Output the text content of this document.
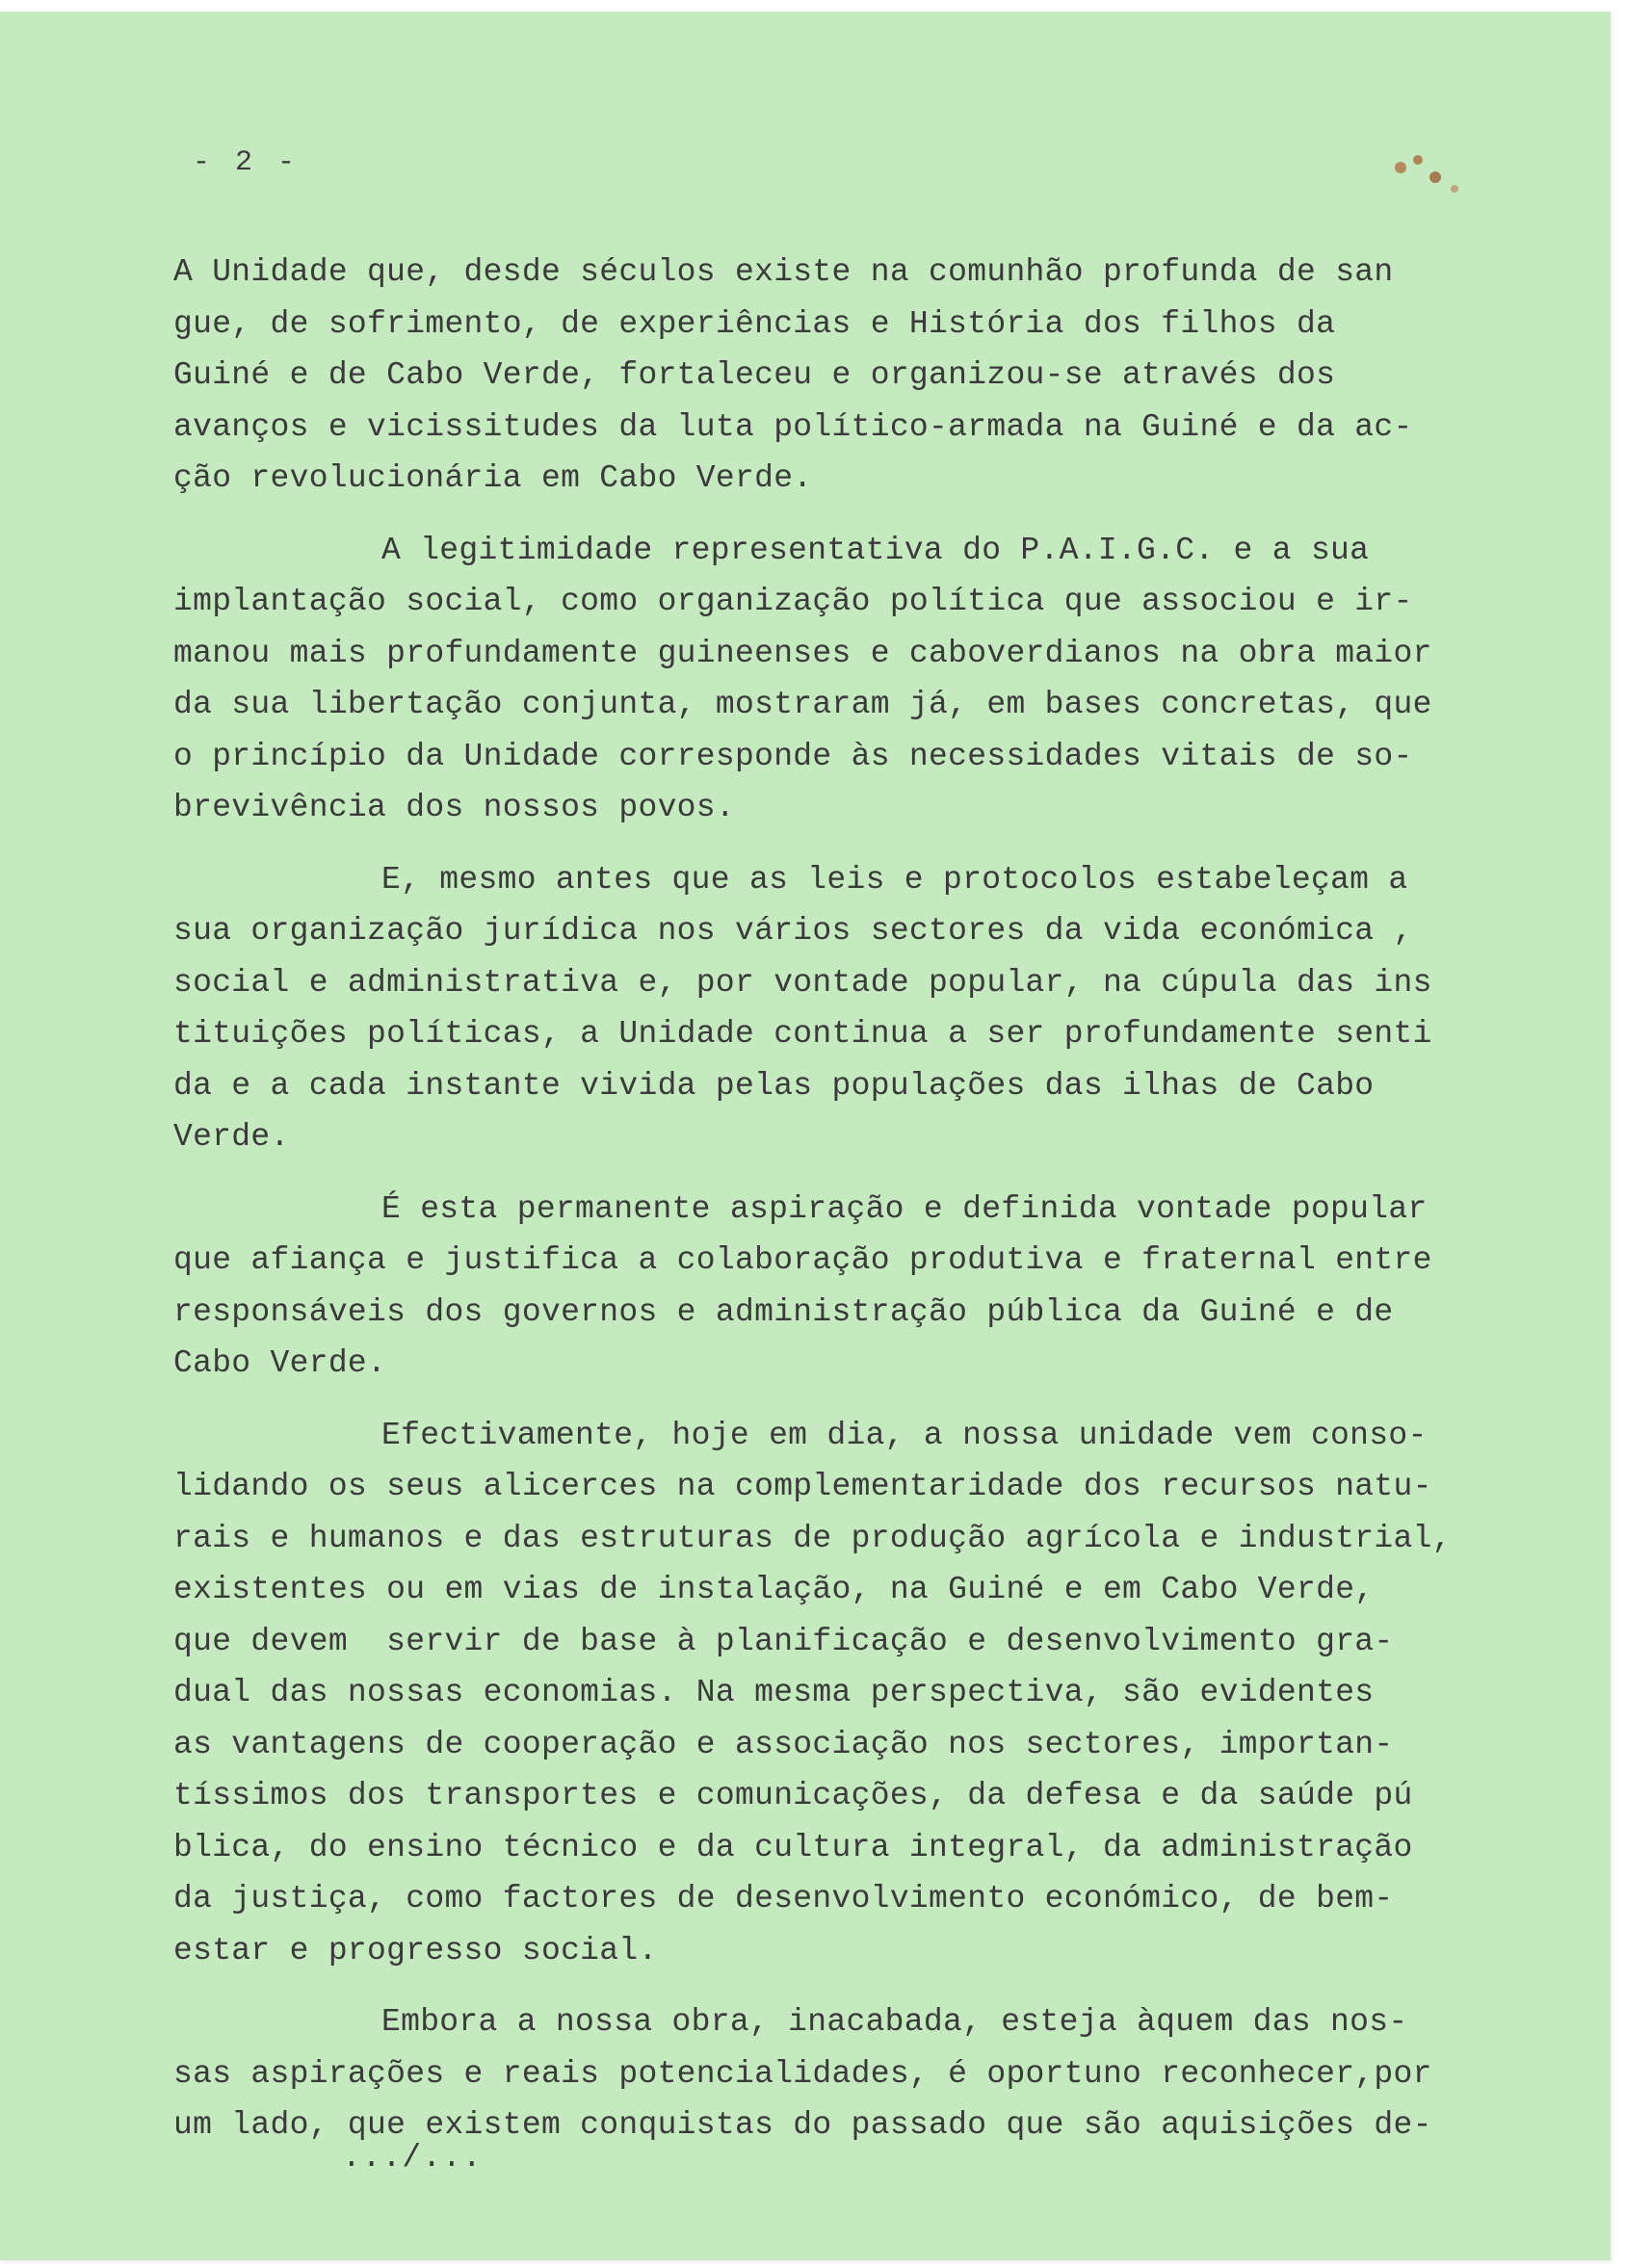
- 2 -
A Unidade que, desde séculos existe na comunhão profunda de san
gue, de sofrimento, de experiências e História dos filhos da
Guiné e de Cabo Verde, fortaleceu e organizou-se através dos
avanços e vicissitudes da luta político-armada na Guiné e da ac-
ção revolucionária em Cabo Verde.
A legitimidade representativa do P.A.I.G.C. e a sua
implantação social, como organização política que associou e ir-
manou mais profundamente guineenses e caboverdianos na obra maior
da sua libertação conjunta, mostraram já, em bases concretas, que
o princípio da Unidade corresponde às necessidades vitais de so-
brevivência dos nossos povos.
E, mesmo antes que as leis e protocolos estabeleçam a
sua organização jurídica nos vários sectores da vida económica ,
social e administrativa e, por vontade popular, na cúpula das ins
tituições políticas, a Unidade continua a ser profundamente senti
da e a cada instante vivida pelas populações das ilhas de Cabo
Verde.
É esta permanente aspiração e definida vontade popular
que afiança e justifica a colaboração produtiva e fraternal entre
responsáveis dos governos e administração pública da Guiné e de
Cabo Verde.
Efectivamente, hoje em dia, a nossa unidade vem conso-
lidando os seus alicerces na complementaridade dos recursos natu-
rais e humanos e das estruturas de produção agrícola e industrial,
existentes ou em vias de instalação, na Guiné e em Cabo Verde,
que devem  servir de base à planificação e desenvolvimento gra-
dual das nossas economias. Na mesma perspectiva, são evidentes
as vantagens de cooperação e associação nos sectores, importan-
tíssimos dos transportes e comunicações, da defesa e da saúde pú
blica, do ensino técnico e da cultura integral, da administração
da justiça, como factores de desenvolvimento económico, de bem-
estar e progresso social.
Embora a nossa obra, inacabada, esteja àquem das nos-
sas aspirações e reais potencialidades, é oportuno reconhecer,por
um lado, que existem conquistas do passado que são aquisições de-
.../...
